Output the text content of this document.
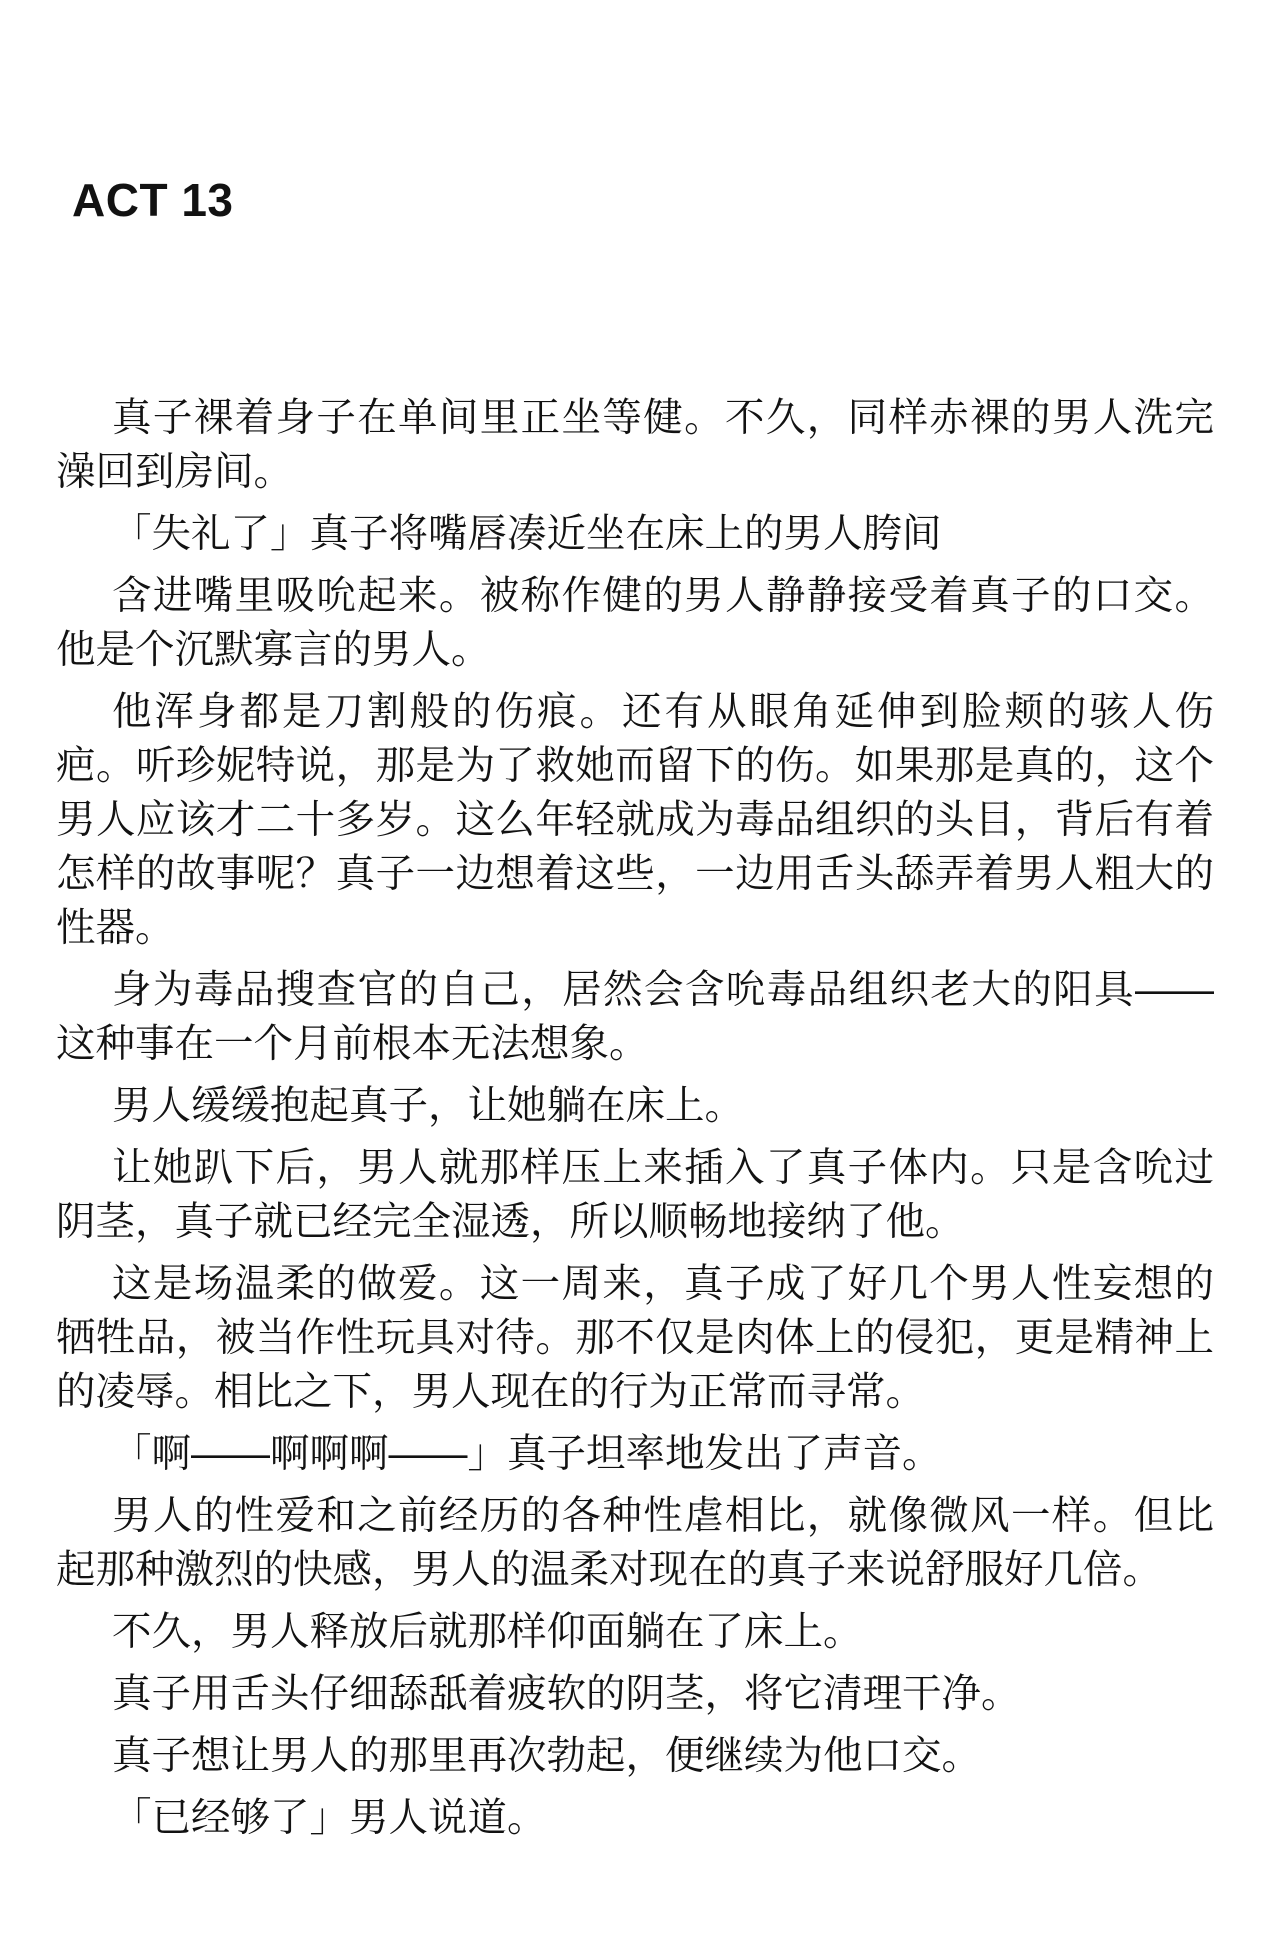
ACT 13

真子裸着身子在单间里正坐等健。不久，同样赤裸的男人洗完澡回到房间。

「失礼了」真子将嘴唇凑近坐在床上的男人胯间

含进嘴里吸吮起来。被称作健的男人静静接受着真子的口交。他是个沉默寡言的男人。

他浑身都是刀割般的伤痕。还有从眼角延伸到脸颊的骇人伤疤。听珍妮特说，那是为了救她而留下的伤。如果那是真的，这个男人应该才二十多岁。这么年轻就成为毒品组织的头目，背后有着怎样的故事呢？真子一边想着这些，一边用舌头舔弄着男人粗大的性器。

身为毒品搜查官的自己，居然会含吮毒品组织老大的阳具——这种事在一个月前根本无法想象。

男人缓缓抱起真子，让她躺在床上。

让她趴下后，男人就那样压上来插入了真子体内。只是含吮过阴茎，真子就已经完全湿透，所以顺畅地接纳了他。

这是场温柔的做爱。这一周来，真子成了好几个男人性妄想的牺牲品，被当作性玩具对待。那不仅是肉体上的侵犯，更是精神上的凌辱。相比之下，男人现在的行为正常而寻常。

「啊——啊啊啊——」真子坦率地发出了声音。

男人的性爱和之前经历的各种性虐相比，就像微风一样。但比起那种激烈的快感，男人的温柔对现在的真子来说舒服好几倍。

不久，男人释放后就那样仰面躺在了床上。

真子用舌头仔细舔舐着疲软的阴茎，将它清理干净。

真子想让男人的那里再次勃起，便继续为他口交。

「已经够了」男人说道。
